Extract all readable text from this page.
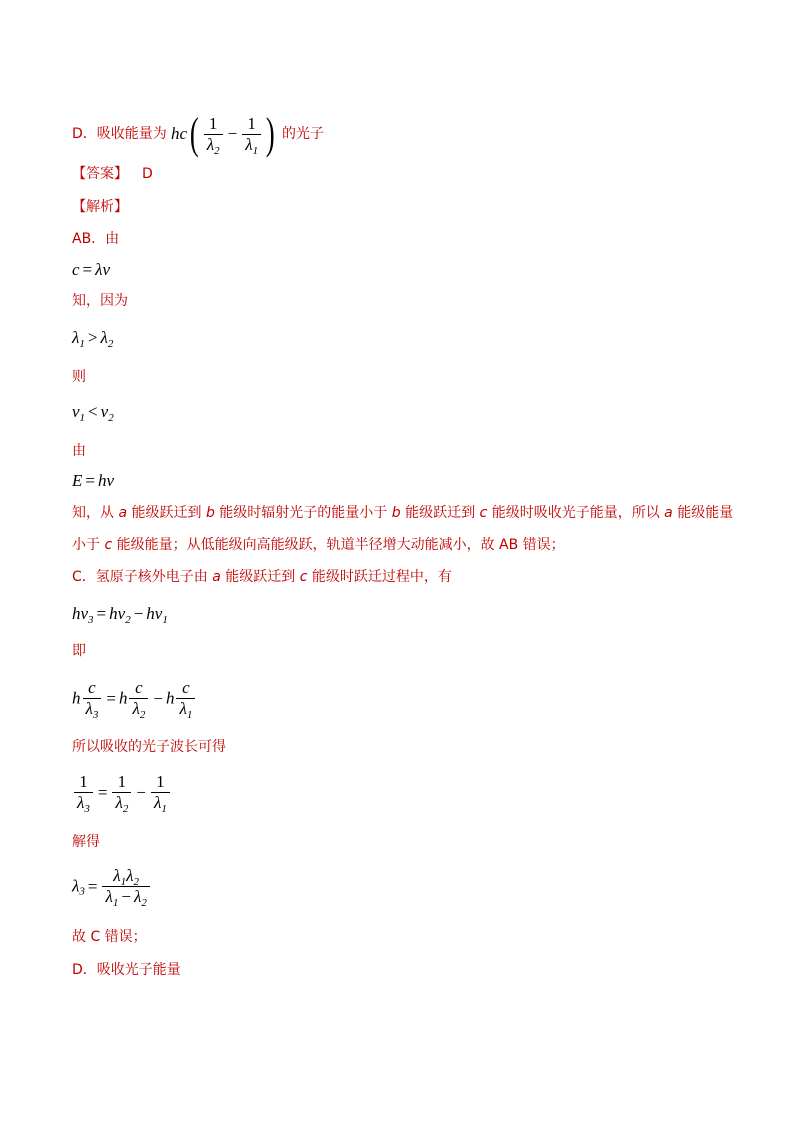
D．吸收能量为 $hc( \frac{1}{\lambda_2} - \frac{1}{\lambda_1}$ ) 的光子
【答案】 D
【解析】
AB．由
c = λv
知，因为
$\lambda_1 > \lambda_2$
则
$v_1 < v_2$
由
E = hv
知，从 a 能级跃迁到 b 能级时辐射光子的能量小于 b 能级跃迁到 c 能级时吸收光子能量，所以 a 能级能量
小于 c 能级能量；从低能级向高能级跃，轨道半径增大动能减小，故 AB 错误；
C．氢原子核外电子由 a 能级跃迁到 c 能级时跃迁过程中，有
$hv_3 = hv_2 - hv_1$
即
h $\frac{c}{\lambda_3} = h \frac{c}{\lambda_2} - h \frac{c}{\lambda_1}$
所以吸收的光子波长可得
$\frac{1}{\lambda_3} = \frac{1}{\lambda_2} - \frac{1}{\lambda_1}$
解得
$\lambda_3 = \frac{\lambda_1\lambda_2}{\lambda_1 - \lambda_2}$
故 C 错误；
D．吸收光子能量
